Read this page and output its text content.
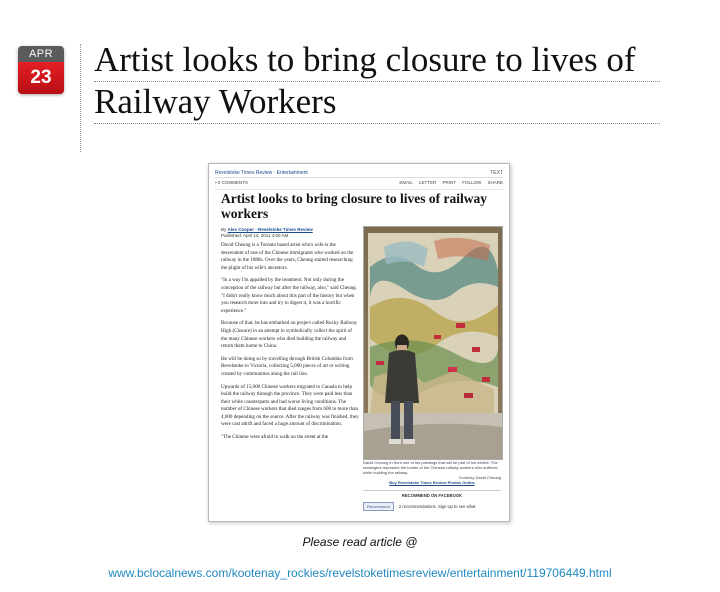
APR
23	Artist looks to bring closure to lives of
Railway Workers
Revelstoke Times Review · Entertainment	TEXT
▪ 0 COMMENTS	EMAIL LETTER PRINT FOLLOW SHARE
Artist looks to bring closure to lives of railway workers
By Alex Cooper - Revelstoke Times Review
Published: April 14, 2011 4:00 AM

David Cheung is a Toronto based artist who's wife is the descendent of one of the Chinese immigrants who worked on the railway in the 1880s. Over the years, Cheung started researching the plight of his wife's ancestors.

"In a way I'm appalled by the treatment. Not only during the conception of the railway but after the railway, also," said Cheung. "I didn't really know much about this part of the history but when you research more into and try to digest it, it was a horrific experience."

Because of that, he has embarked on project called Rocky Railway High (Closure) in an attempt to symbolically collect the spirit of the many Chinese workers who died building the railway and return them home to China.

He will be doing so by travelling through British Columbia from Revelstoke to Victoria, collecting 5,000 pieces of art or writing created by communities along the rail line.

Upwards of 15,000 Chinese workers migrated to Canada to help build the railway through the province. They were paid less than their white counterparts and had worse living conditions. The number of Chinese workers that died ranges from 600 to more than 4,000 depending on the source. After the railway was finished, they were cast adrift and faced a huge amount of discrimination.

"The Chinese were afraid to walk on the street at the

David Cheung in front one of his paintings that will be part of his exhibit. The rectangles represent the tombs of the Chinese railway workers who suffered while building the railway.
Courtesy David Cheung
Buy Revelstoke Times Review Photos Online
RECOMMEND ON FACEBOOK
Recommend 2 recommendations. Sign Up to see what
Please read article @
www.bclocalnews.com/kootenay_rockies/revelstoketimesreview/entertainment/119706449.html
